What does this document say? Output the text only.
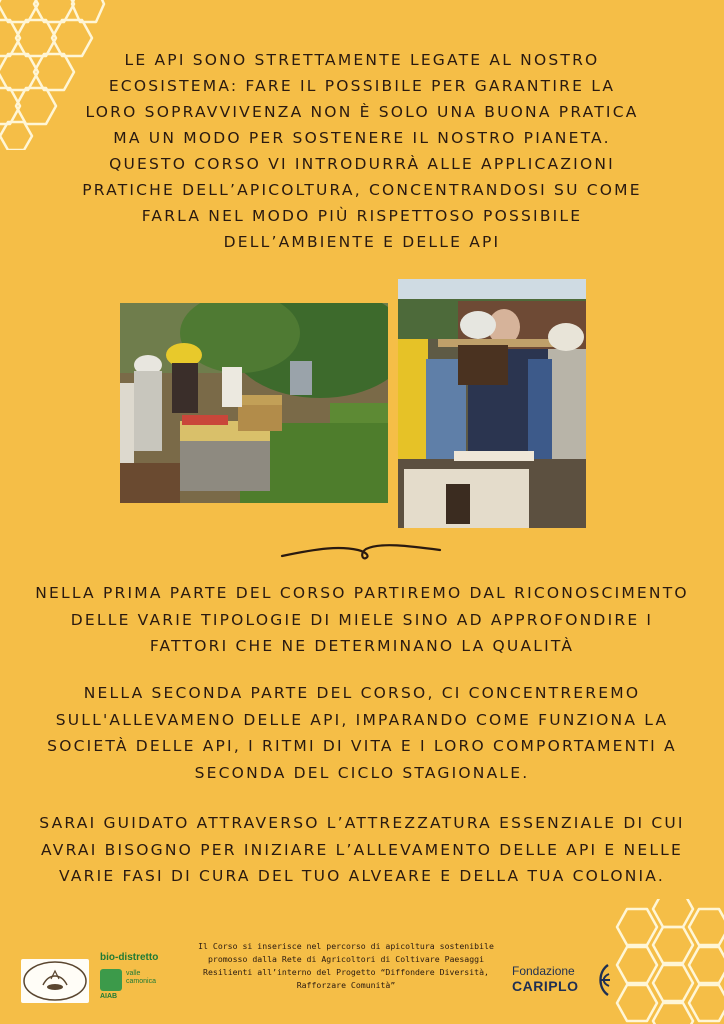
LE API SONO STRETTAMENTE LEGATE AL NOSTRO ECOSISTEMA: FARE IL POSSIBILE PER GARANTIRE LA LORO SOPRAVVIVENZA NON È SOLO UNA BUONA PRATICA MA UN MODO PER SOSTENERE IL NOSTRO PIANETA. QUESTO CORSO VI INTRODURRÀ ALLE APPLICAZIONI PRATICHE DELL’APICOLTURA, CONCENTRANDOSI SU COME FARLA NEL MODO PIÙ RISPETTOSO POSSIBILE DELL’AMBIENTE E DELLE API

NELLA PRIMA PARTE DEL CORSO PARTIREMO DAL RICONOSCIMENTO DELLE VARIE TIPOLOGIE DI MIELE SINO AD APPROFONDIRE I FATTORI CHE NE DETERMINANO LA QUALITÀ

NELLA SECONDA PARTE DEL CORSO, CI CONCENTREREMO SULL'ALLEVAMENO DELLE API, IMPARANDO COME FUNZIONA LA SOCIETÀ DELLE API, I RITMI DI VITA E I LORO COMPORTAMENTI A SECONDA DEL CICLO STAGIONALE.

SARAI GUIDATO ATTRAVERSO L’ATTREZZATURA ESSENZIALE DI CUI AVRAI BISOGNO PER INIZIARE L’ALLEVAMENTO DELLE API E NELLE VARIE FASI DI CURA DEL TUO ALVEARE E DELLA TUA COLONIA.

bio-distretto
valle camonica
AIAB

Il Corso si inserisce nel percorso di apicoltura sostenibile promosso dalla Rete di Agricoltori di Coltivare Paesaggi Resilienti all’interno del Progetto “Diffondere Diversità, Rafforzare Comunità”

Fondazione
CARIPLO
